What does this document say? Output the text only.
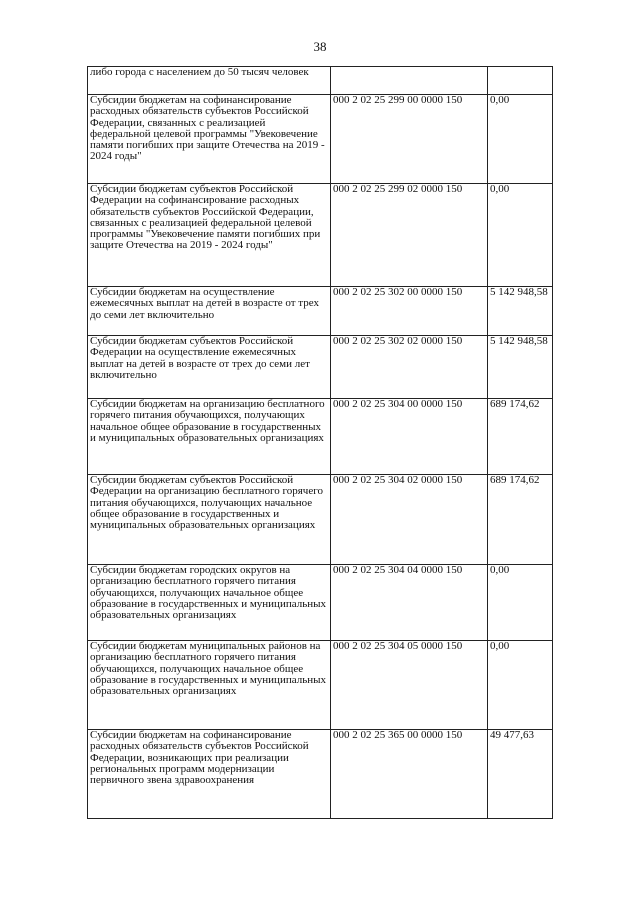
38
либо города с населением до 50 тысяч человек		
Субсидии бюджетам на софинансирование расходных обязательств субъектов Российской Федерации, связанных с реализацией федеральной целевой программы "Увековечение памяти погибших при защите Отечества на 2019 - 2024 годы"	000 2 02 25 299 00 0000 150	0,00
Субсидии бюджетам субъектов Российской Федерации на софинансирование расходных обязательств субъектов Российской Федерации, связанных с реализацией федеральной целевой программы "Увековечение памяти погибших при защите Отечества на 2019 - 2024 годы"	000 2 02 25 299 02 0000 150	0,00
Субсидии бюджетам на осуществление ежемесячных выплат на детей в возрасте от трех до семи лет включительно	000 2 02 25 302 00 0000 150	5 142 948,58
Субсидии бюджетам субъектов Российской Федерации на осуществление ежемесячных выплат на детей в возрасте от трех до семи лет включительно	000 2 02 25 302 02 0000 150	5 142 948,58
Субсидии бюджетам на организацию бесплатного горячего питания обучающихся, получающих начальное общее образование в государственных и муниципальных образовательных организациях	000 2 02 25 304 00 0000 150	689 174,62
Субсидии бюджетам субъектов Российской Федерации на организацию бесплатного горячего питания обучающихся, получающих начальное общее образование в государственных и муниципальных образовательных организациях	000 2 02 25 304 02 0000 150	689 174,62
Субсидии бюджетам городских округов на организацию бесплатного горячего питания обучающихся, получающих начальное общее образование в государственных и муниципальных образовательных организациях	000 2 02 25 304 04 0000 150	0,00
Субсидии бюджетам муниципальных районов на организацию бесплатного горячего питания обучающихся, получающих начальное общее образование в государственных и муниципальных образовательных организациях	000 2 02 25 304 05 0000 150	0,00
Субсидии бюджетам на софинансирование расходных обязательств субъектов Российской Федерации, возникающих при реализации региональных программ модернизации первичного звена здравоохранения	000 2 02 25 365 00 0000 150	49 477,63
